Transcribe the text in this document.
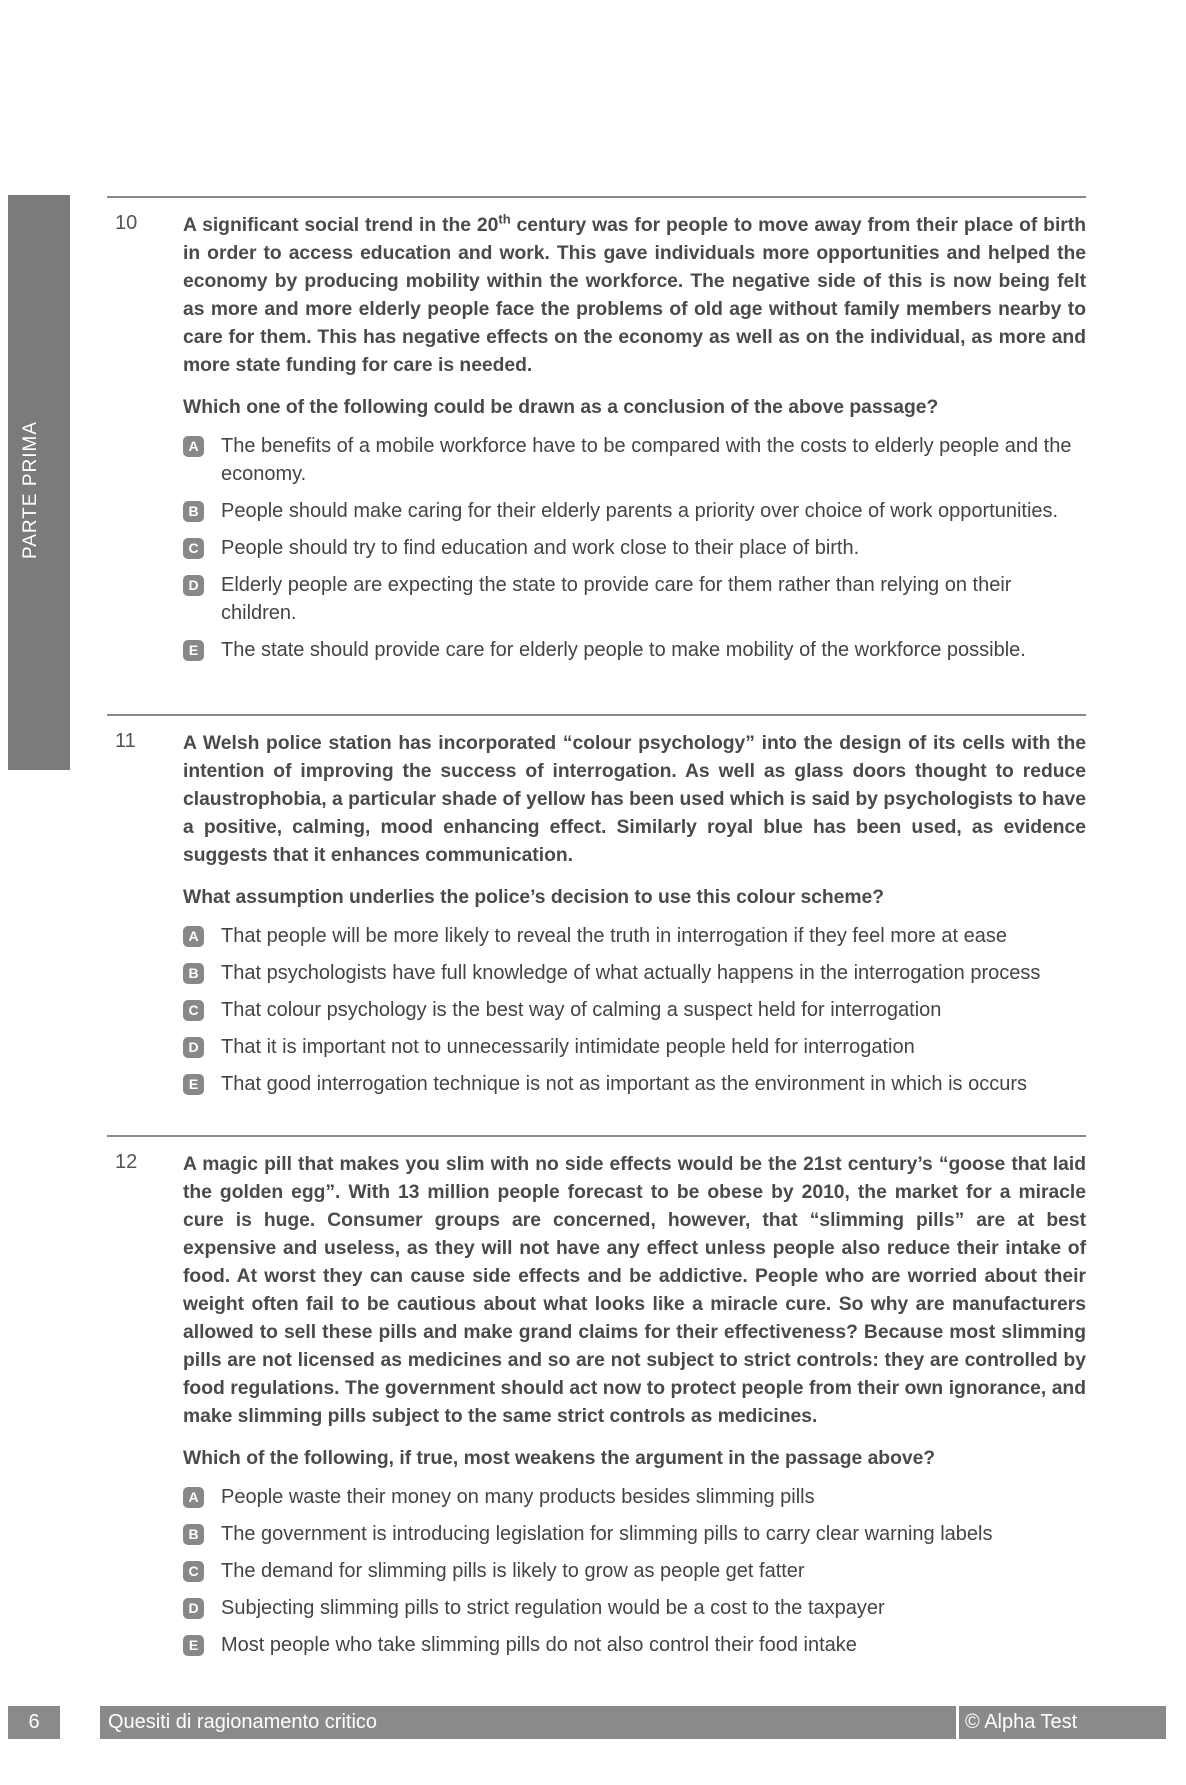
PARTE PRIMA
10 A significant social trend in the 20th century was for people to move away from their place of birth in order to access education and work. This gave individuals more opportunities and helped the economy by producing mobility within the workforce. The negative side of this is now being felt as more and more elderly people face the problems of old age without family members nearby to care for them. This has negative effects on the economy as well as on the individual, as more and more state funding for care is needed.

Which one of the following could be drawn as a conclusion of the above passage?

A The benefits of a mobile workforce have to be compared with the costs to elderly people and the economy.
B People should make caring for their elderly parents a priority over choice of work opportunities.
C People should try to find education and work close to their place of birth.
D Elderly people are expecting the state to provide care for them rather than relying on their children.
E The state should provide care for elderly people to make mobility of the workforce possible.
11 A Welsh police station has incorporated “colour psychology” into the design of its cells with the intention of improving the success of interrogation. As well as glass doors thought to reduce claustrophobia, a particular shade of yellow has been used which is said by psychologists to have a positive, calming, mood enhancing effect. Similarly royal blue has been used, as evidence suggests that it enhances communication.

What assumption underlies the police’s decision to use this colour scheme?

A That people will be more likely to reveal the truth in interrogation if they feel more at ease
B That psychologists have full knowledge of what actually happens in the interrogation process
C That colour psychology is the best way of calming a suspect held for interrogation
D That it is important not to unnecessarily intimidate people held for interrogation
E That good interrogation technique is not as important as the environment in which is occurs
12 A magic pill that makes you slim with no side effects would be the 21st century’s “goose that laid the golden egg”. With 13 million people forecast to be obese by 2010, the market for a miracle cure is huge. Consumer groups are concerned, however, that “slimming pills” are at best expensive and useless, as they will not have any effect unless people also reduce their intake of food. At worst they can cause side effects and be addictive. People who are worried about their weight often fail to be cautious about what looks like a miracle cure. So why are manufacturers allowed to sell these pills and make grand claims for their effectiveness? Because most slimming pills are not licensed as medicines and so are not subject to strict controls: they are controlled by food regulations. The government should act now to protect people from their own ignorance, and make slimming pills subject to the same strict controls as medicines.

Which of the following, if true, most weakens the argument in the passage above?

A People waste their money on many products besides slimming pills
B The government is introducing legislation for slimming pills to carry clear warning labels
C The demand for slimming pills is likely to grow as people get fatter
D Subjecting slimming pills to strict regulation would be a cost to the taxpayer
E Most people who take slimming pills do not also control their food intake
6	Quesiti di ragionamento critico	© Alpha Test
